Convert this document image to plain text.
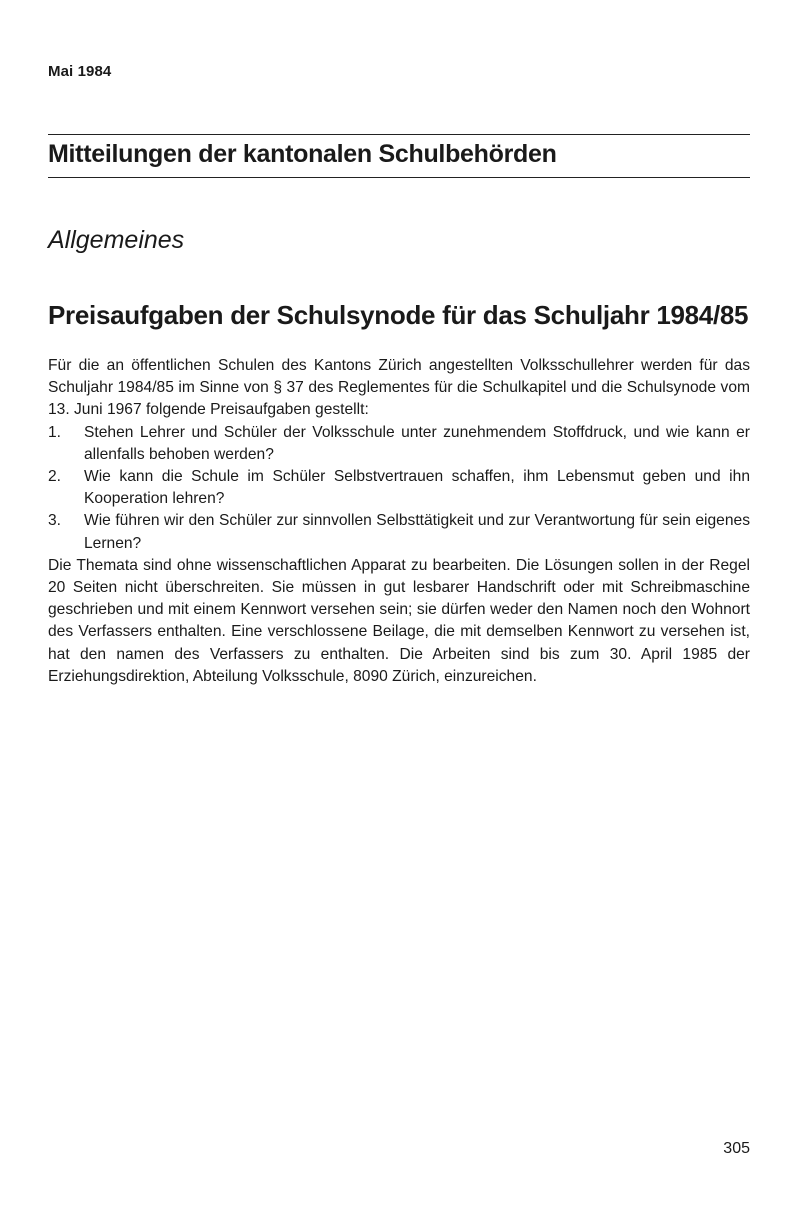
Mai 1984
Mitteilungen der kantonalen Schulbehörden
Allgemeines
Preisaufgaben der Schulsynode für das Schuljahr 1984/85

Für die an öffentlichen Schulen des Kantons Zürich angestellten Volksschullehrer werden für das Schuljahr 1984/85 im Sinne von § 37 des Reglementes für die Schulkapitel und die Schulsynode vom 13. Juni 1967 folgende Preisaufgaben gestellt:

1. Stehen Lehrer und Schüler der Volksschule unter zunehmendem Stoffdruck, und wie kann er allenfalls behoben werden?
2. Wie kann die Schule im Schüler Selbstvertrauen schaffen, ihm Lebensmut geben und ihn Kooperation lehren?
3. Wie führen wir den Schüler zur sinnvollen Selbsttätigkeit und zur Verantwortung für sein eigenes Lernen?

Die Themata sind ohne wissenschaftlichen Apparat zu bearbeiten. Die Lösungen sollen in der Regel 20 Seiten nicht überschreiten. Sie müssen in gut lesbarer Handschrift oder mit Schreibmaschine geschrieben und mit einem Kennwort versehen sein; sie dürfen weder den Namen noch den Wohnort des Verfassers enthalten. Eine verschlossene Beilage, die mit demselben Kennwort zu versehen ist, hat den namen des Verfassers zu enthalten. Die Arbeiten sind bis zum 30. April 1985 der Erziehungsdirektion, Abteilung Volksschule, 8090 Zürich, einzureichen.

305
